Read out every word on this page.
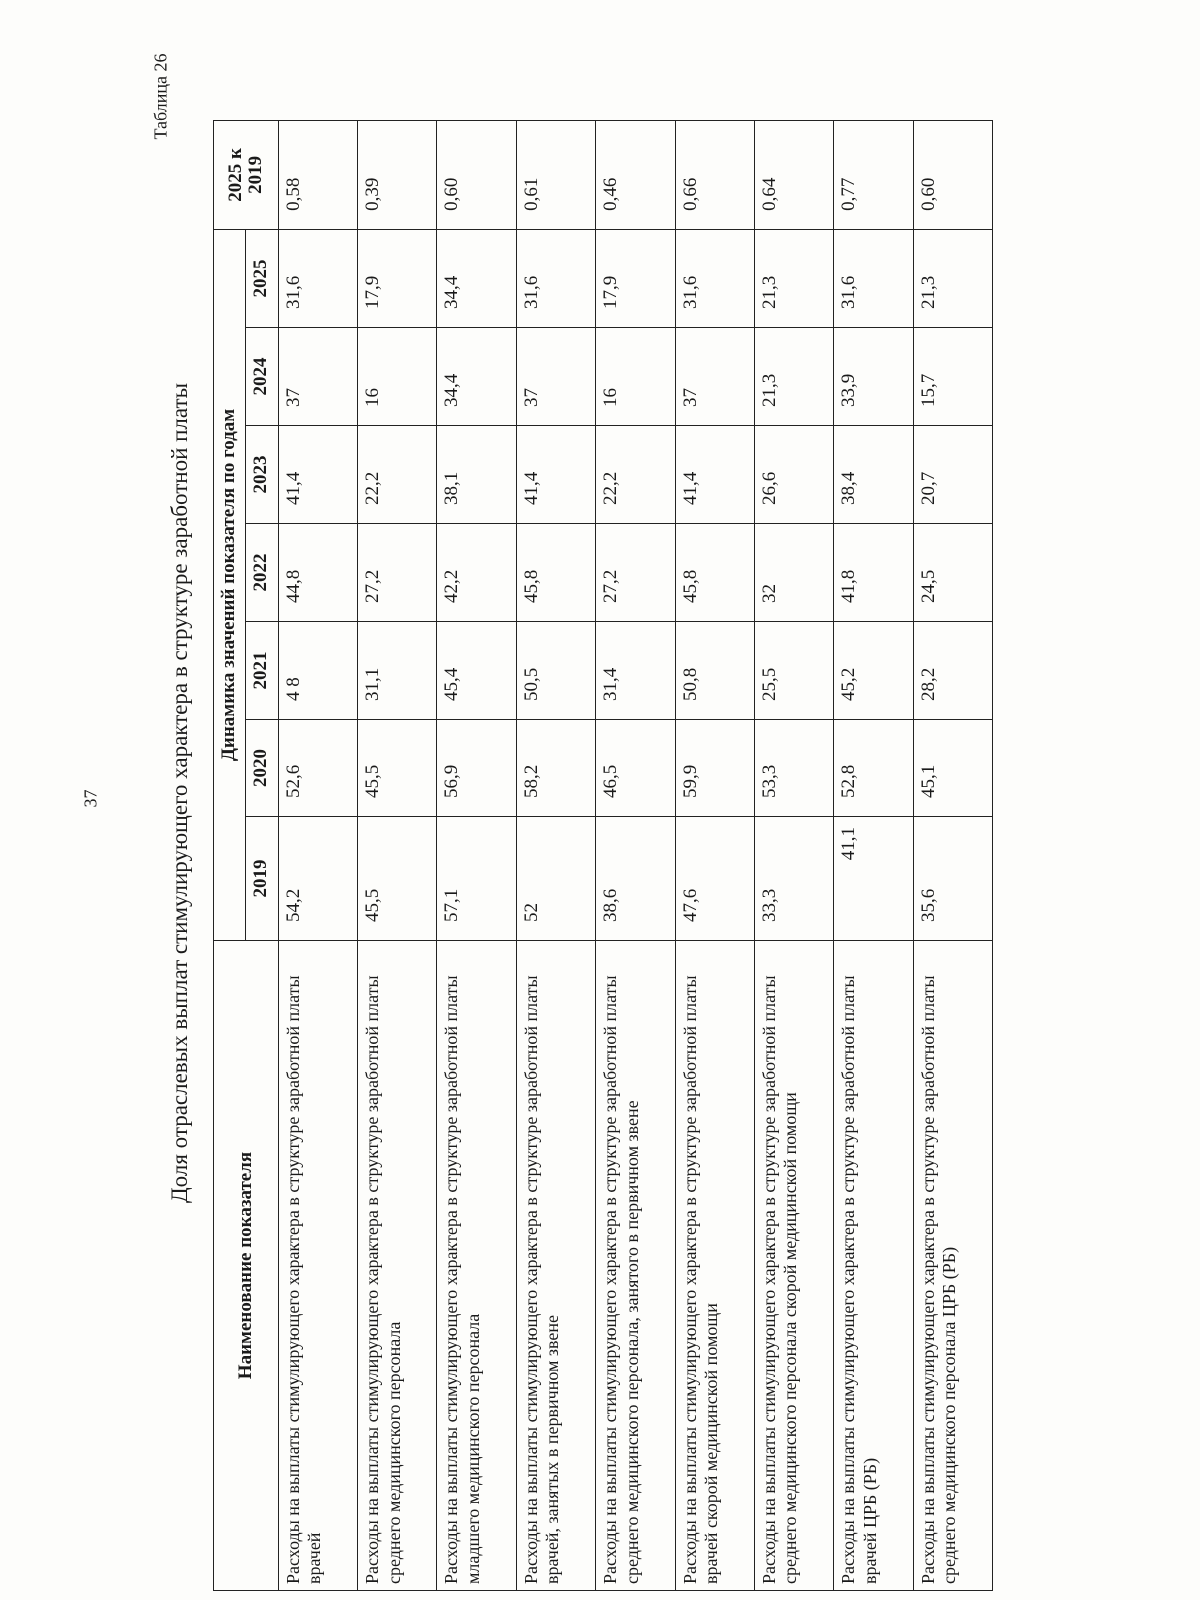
37
Таблица 26
Доля отраслевых выплат стимулирующего характера в структуре заработной платы
Наименование показателя	Динамика значений показателя по годам							2025 к 2019
	2019	2020	2021	2022	2023	2024	2025	
Расходы на выплаты стимулирующего характера в структуре заработной платы врачей	54,2	52,6	4 8	44,8	41,4	37	31,6	0,58
Расходы на выплаты стимулирующего характера в структуре заработной платы среднего медицинского персонала	45,5	45,5	31,1	27,2	22,2	16	17,9	0,39
Расходы на выплаты стимулирующего характера в структуре заработной платы младшего медицинского персонала	57,1	56,9	45,4	42,2	38,1	34,4	34,4	0,60
Расходы на выплаты стимулирующего характера в структуре заработной платы врачей, занятых в первичном звене	52	58,2	50,5	45,8	41,4	37	31,6	0,61
Расходы на выплаты стимулирующего характера в структуре заработной платы среднего медицинского персонала, занятого в первичном звене	38,6	46,5	31,4	27,2	22,2	16	17,9	0,46
Расходы на выплаты стимулирующего характера в структуре заработной платы врачей скорой медицинской помощи	47,6	59,9	50,8	45,8	41,4	37	31,6	0,66
Расходы на выплаты стимулирующего характера в структуре заработной платы среднего медицинского персонала скорой медицинской помощи	33,3	53,3	25,5	32	26,6	21,3	21,3	0,64
Расходы на выплаты стимулирующего характера в структуре заработной платы врачей ЦРБ (РБ)	41,1	52,8	45,2	41,8	38,4	33,9	31,6	0,77
Расходы на выплаты стимулирующего характера в структуре заработной платы среднего медицинского персонала ЦРБ (РБ)	35,6	45,1	28,2	24,5	20,7	15,7	21,3	0,60
